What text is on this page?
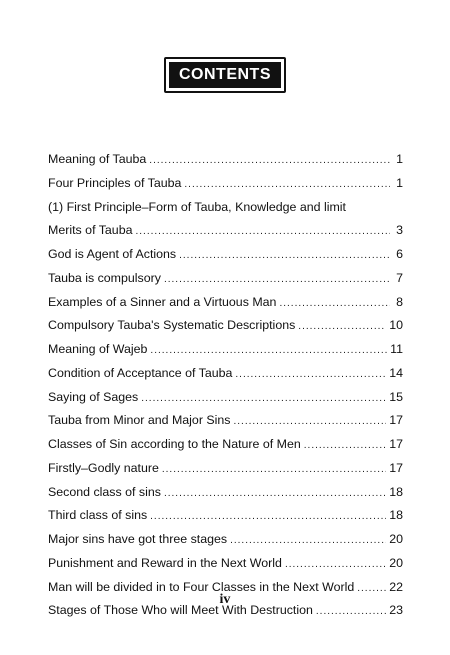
CONTENTS
Meaning of Tauba .....	1
Four Principles of Tauba .....	1
(1) First Principle–Form of Tauba, Knowledge and limit
Merits of Tauba .....	3
God is Agent of Actions .....	6
Tauba is compulsory .....	7
Examples of a Sinner and a Virtuous Man .....	8
Compulsory Tauba's Systematic Descriptions .....	10
Meaning of Wajeb .....	11
Condition of Acceptance of Tauba .....	14
Saying of Sages .....	15
Tauba from Minor and Major Sins .....	17
Classes of Sin according to the Nature of Men .....	17
Firstly–Godly nature .....	17
Second class of sins .....	18
Third class of sins .....	18
Major sins have got three stages .....	20
Punishment and Reward in the Next World .....	20
Man will be divided in to Four Classes in the Next World .....	22
Stages of Those Who will Meet With Destruction .....	23
iv
